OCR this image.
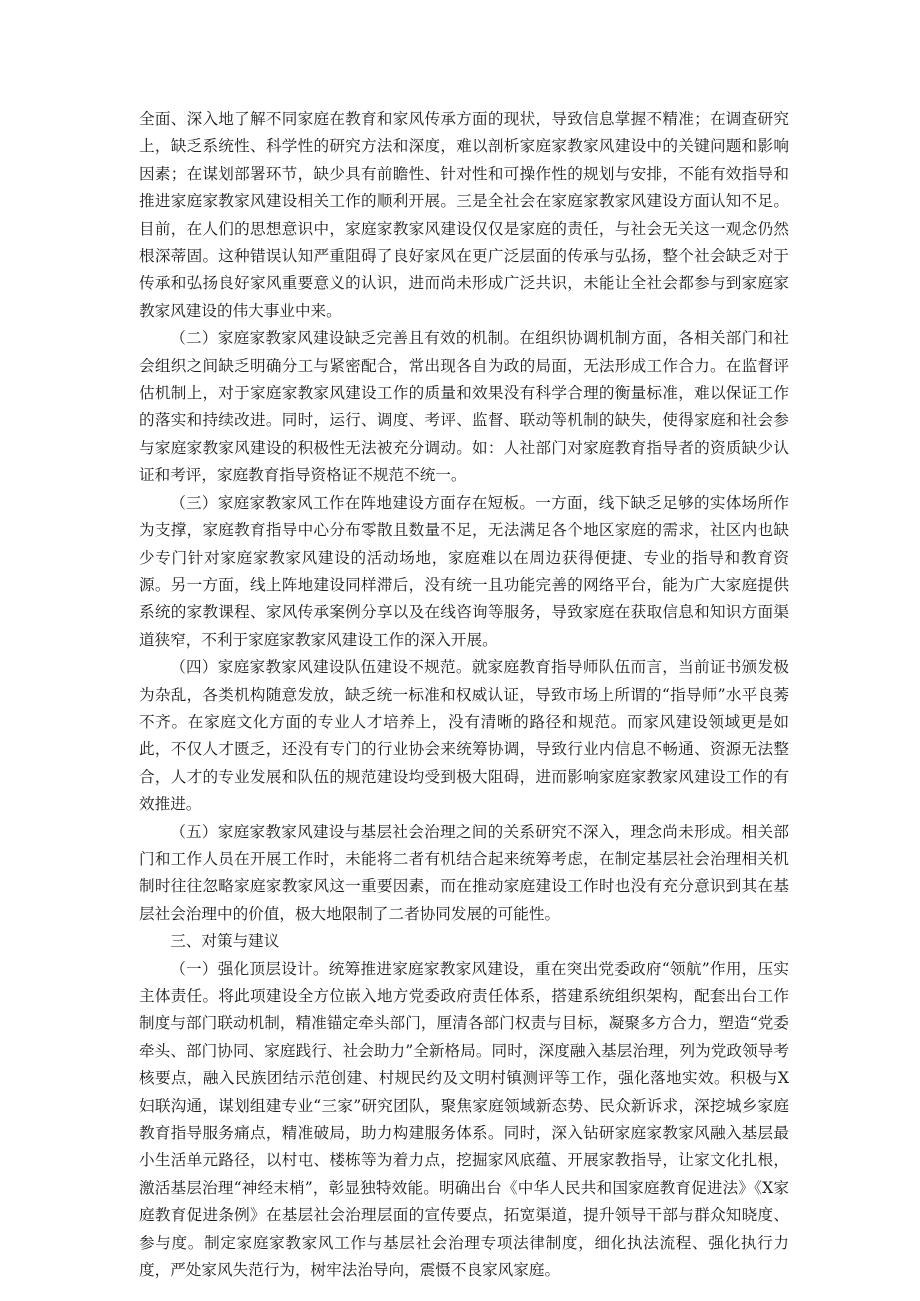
全面、深入地了解不同家庭在教育和家风传承方面的现状，导致信息掌握不精准；在调查研究上，缺乏系统性、科学性的研究方法和深度，难以剖析家庭家教家风建设中的关键问题和影响因素；在谋划部署环节，缺少具有前瞻性、针对性和可操作性的规划与安排，不能有效指导和推进家庭家教家风建设相关工作的顺利开展。三是全社会在家庭家教家风建设方面认知不足。目前，在人们的思想意识中，家庭家教家风建设仅仅是家庭的责任，与社会无关这一观念仍然根深蒂固。这种错误认知严重阻碍了良好家风在更广泛层面的传承与弘扬，整个社会缺乏对于传承和弘扬良好家风重要意义的认识，进而尚未形成广泛共识，未能让全社会都参与到家庭家教家风建设的伟大事业中来。

（二）家庭家教家风建设缺乏完善且有效的机制。在组织协调机制方面，各相关部门和社会组织之间缺乏明确分工与紧密配合，常出现各自为政的局面，无法形成工作合力。在监督评估机制上，对于家庭家教家风建设工作的质量和效果没有科学合理的衡量标准，难以保证工作的落实和持续改进。同时，运行、调度、考评、监督、联动等机制的缺失，使得家庭和社会参与家庭家教家风建设的积极性无法被充分调动。如：人社部门对家庭教育指导者的资质缺少认证和考评，家庭教育指导资格证不规范不统一。

（三）家庭家教家风工作在阵地建设方面存在短板。一方面，线下缺乏足够的实体场所作为支撑，家庭教育指导中心分布零散且数量不足，无法满足各个地区家庭的需求，社区内也缺少专门针对家庭家教家风建设的活动场地，家庭难以在周边获得便捷、专业的指导和教育资源。另一方面，线上阵地建设同样滞后，没有统一且功能完善的网络平台，能为广大家庭提供系统的家教课程、家风传承案例分享以及在线咨询等服务，导致家庭在获取信息和知识方面渠道狭窄，不利于家庭家教家风建设工作的深入开展。

（四）家庭家教家风建设队伍建设不规范。就家庭教育指导师队伍而言，当前证书颁发极为杂乱，各类机构随意发放，缺乏统一标准和权威认证，导致市场上所谓的“指导师”水平良莠不齐。在家庭文化方面的专业人才培养上，没有清晰的路径和规范。而家风建设领域更是如此，不仅人才匮乏，还没有专门的行业协会来统筹协调，导致行业内信息不畅通、资源无法整合，人才的专业发展和队伍的规范建设均受到极大阻碍，进而影响家庭家教家风建设工作的有效推进。

（五）家庭家教家风建设与基层社会治理之间的关系研究不深入，理念尚未形成。相关部门和工作人员在开展工作时，未能将二者有机结合起来统筹考虑，在制定基层社会治理相关机制时往往忽略家庭家教家风这一重要因素，而在推动家庭建设工作时也没有充分意识到其在基层社会治理中的价值，极大地限制了二者协同发展的可能性。

三、对策与建议

（一）强化顶层设计。统筹推进家庭家教家风建设，重在突出党委政府“领航”作用，压实主体责任。将此项建设全方位嵌入地方党委政府责任体系，搭建系统组织架构，配套出台工作制度与部门联动机制，精准锚定牵头部门，厘清各部门权责与目标，凝聚多方合力，塑造“党委牵头、部门协同、家庭践行、社会助力”全新格局。同时，深度融入基层治理，列为党政领导考核要点，融入民族团结示范创建、村规民约及文明村镇测评等工作，强化落地实效。积极与X妇联沟通，谋划组建专业“三家”研究团队，聚焦家庭领域新态势、民众新诉求，深挖城乡家庭教育指导服务痛点，精准破局，助力构建服务体系。同时，深入钻研家庭家教家风融入基层最小生活单元路径，以村屯、楼栋等为着力点，挖掘家风底蕴、开展家教指导，让家文化扎根，激活基层治理“神经末梢”，彰显独特效能。明确出台《中华人民共和国家庭教育促进法》《X家庭教育促进条例》在基层社会治理层面的宣传要点，拓宽渠道，提升领导干部与群众知晓度、参与度。制定家庭家教家风工作与基层社会治理专项法律制度，细化执法流程、强化执行力度，严处家风失范行为，树牢法治导向，震慑不良家风家庭。
